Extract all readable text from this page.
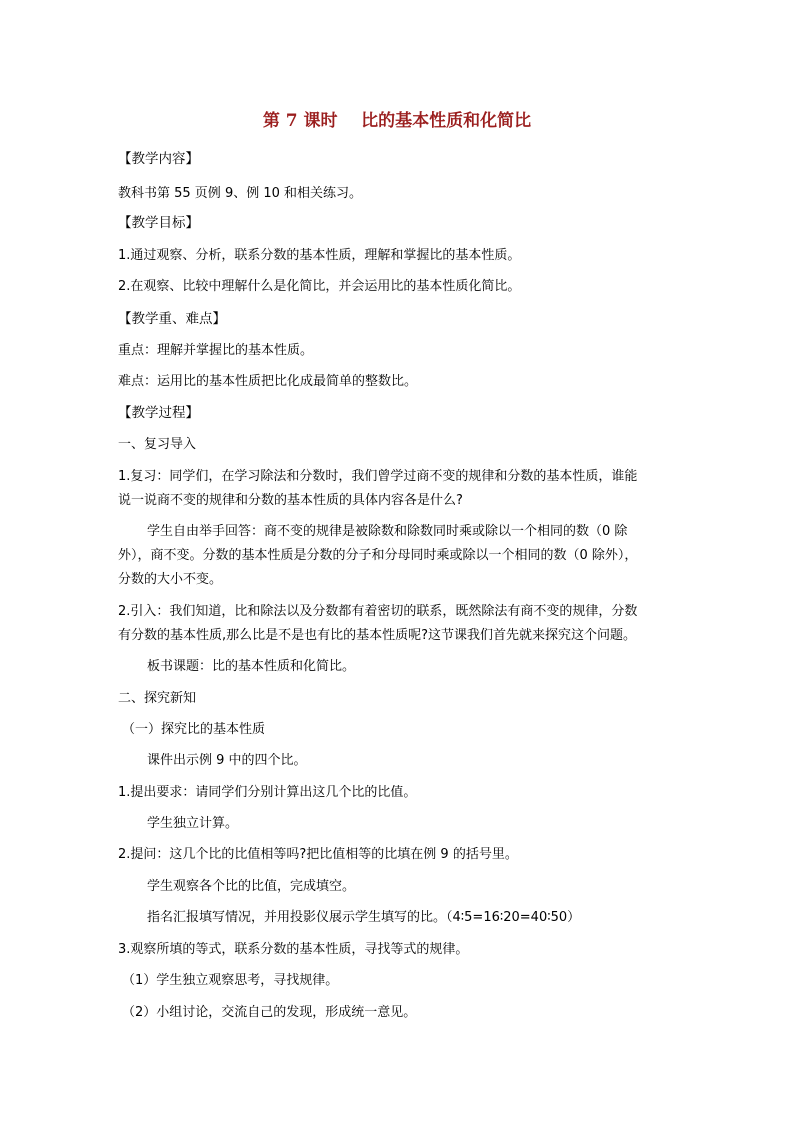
第 7 课时    比的基本性质和化简比
【教学内容】
教科书第 55 页例 9、例 10 和相关练习。
【教学目标】
1.通过观察、分析，联系分数的基本性质，理解和掌握比的基本性质。
2.在观察、比较中理解什么是化简比，并会运用比的基本性质化简比。
【教学重、难点】
重点：理解并掌握比的基本性质。
难点：运用比的基本性质把比化成最简单的整数比。
【教学过程】
一、复习导入
1.复习：同学们，在学习除法和分数时，我们曾学过商不变的规律和分数的基本性质，谁能
说一说商不变的规律和分数的基本性质的具体内容各是什么?
学生自由举手回答：商不变的规律是被除数和除数同时乘或除以一个相同的数（0 除
外），商不变。分数的基本性质是分数的分子和分母同时乘或除以一个相同的数（0 除外），
分数的大小不变。
2.引入：我们知道，比和除法以及分数都有着密切的联系，既然除法有商不变的规律，分数
有分数的基本性质,那么比是不是也有比的基本性质呢?这节课我们首先就来探究这个问题。
板书课题：比的基本性质和化简比。
二、探究新知
（一）探究比的基本性质
课件出示例 9 中的四个比。
1.提出要求：请同学们分别计算出这几个比的比值。
学生独立计算。
2.提问：这几个比的比值相等吗?把比值相等的比填在例 9 的括号里。
学生观察各个比的比值，完成填空。
指名汇报填写情况，并用投影仪展示学生填写的比。（4∶5=16∶20=40∶50）
3.观察所填的等式，联系分数的基本性质，寻找等式的规律。
（1）学生独立观察思考，寻找规律。
（2）小组讨论，交流自己的发现，形成统一意见。
